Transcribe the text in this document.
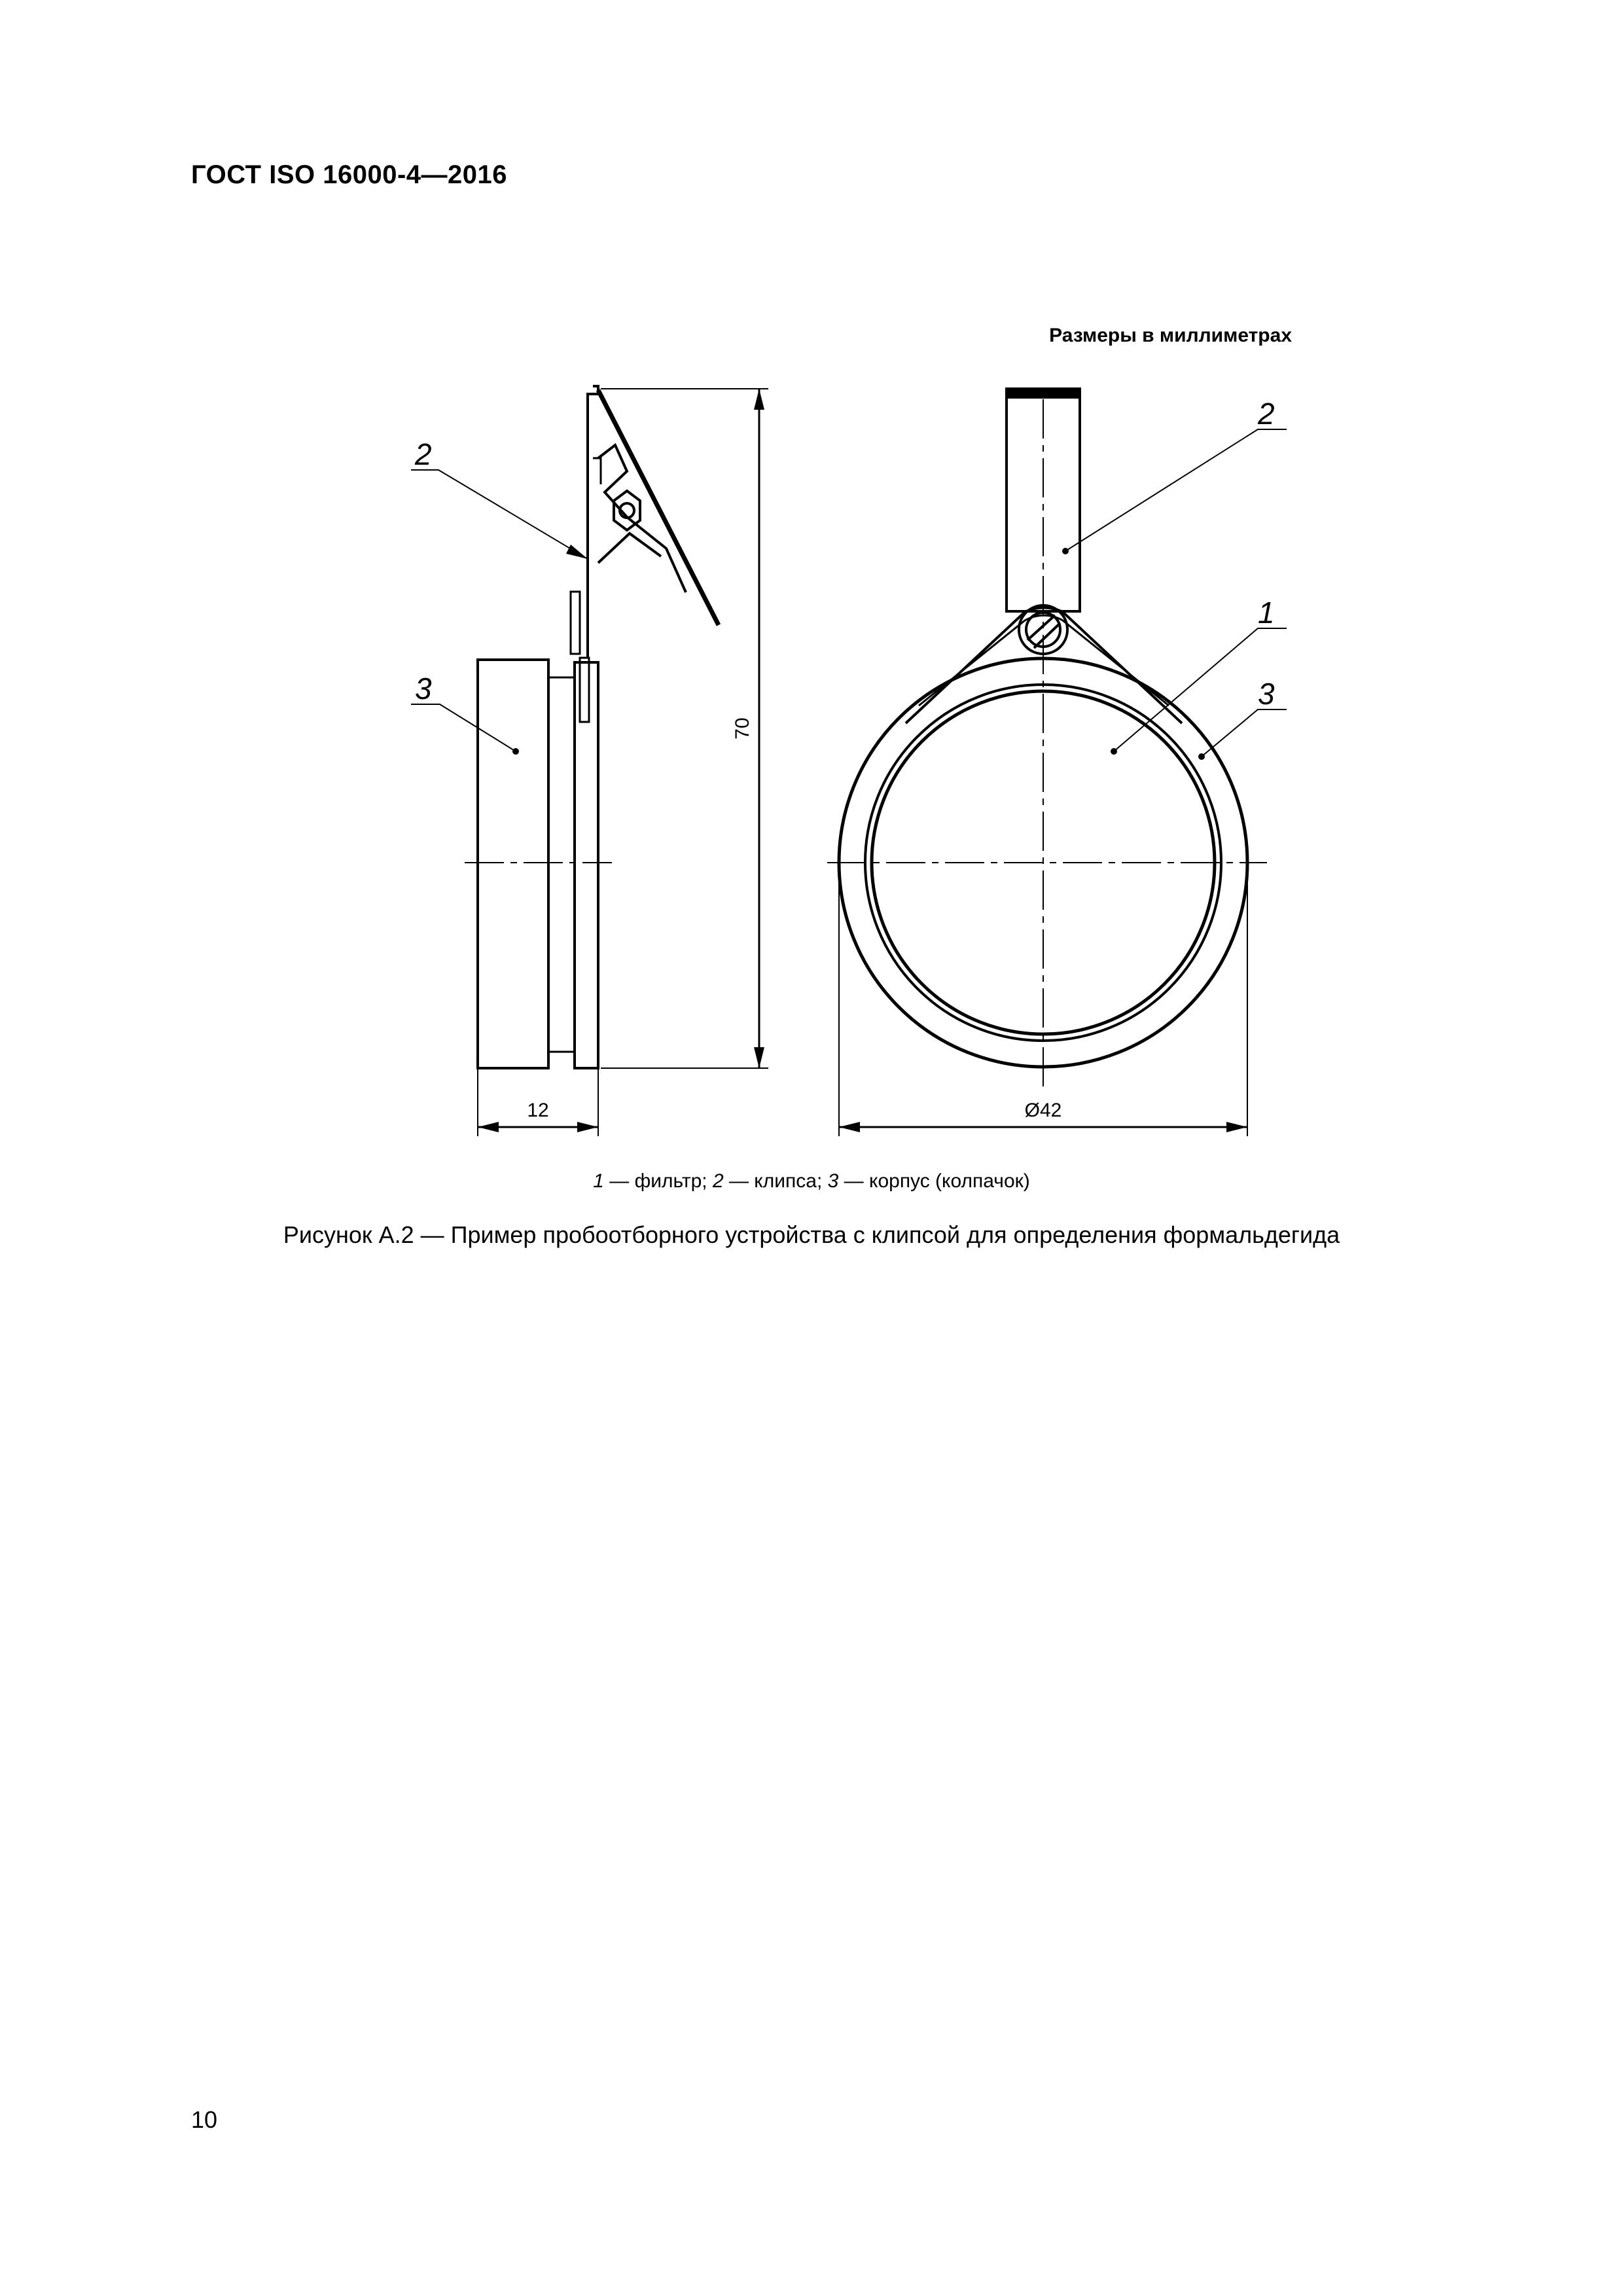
ГОСТ ISO 16000-4—2016
Размеры в миллиметрах
2
3
2
1
3
70
12	Ø42
1 — фильтр; 2 — клипса; 3 — корпус (колпачок)
Рисунок А.2 — Пример пробоотборного устройства с клипсой для определения формальдегида
10
